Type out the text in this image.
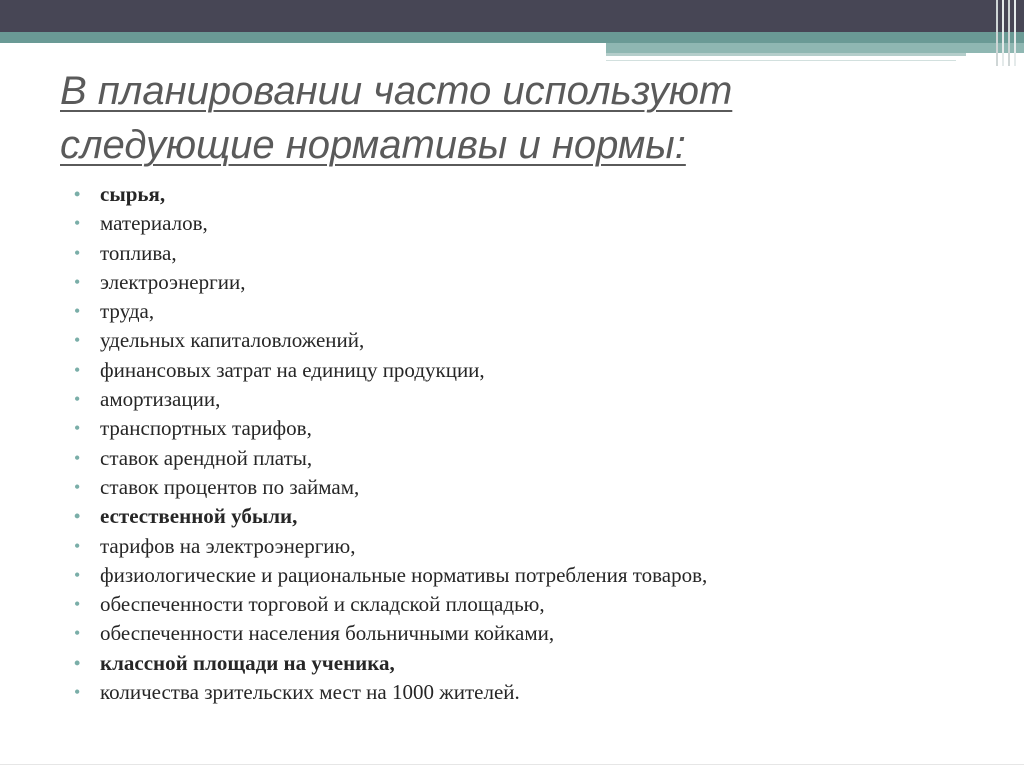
В планировании часто используют
следующие нормативы и нормы:
• сырья,
• материалов,
• топлива,
• электроэнергии,
• труда,
• удельных капиталовложений,
• финансовых затрат на единицу продукции,
• амортизации,
• транспортных тарифов,
• ставок арендной платы,
• ставок процентов по займам,
• естественной убыли,
• тарифов на электроэнергию,
• физиологические и рациональные нормативы потребления товаров,
• обеспеченности торговой и складской площадью,
• обеспеченности населения больничными койками,
• классной площади на ученика,
• количества зрительских мест на 1000 жителей.
